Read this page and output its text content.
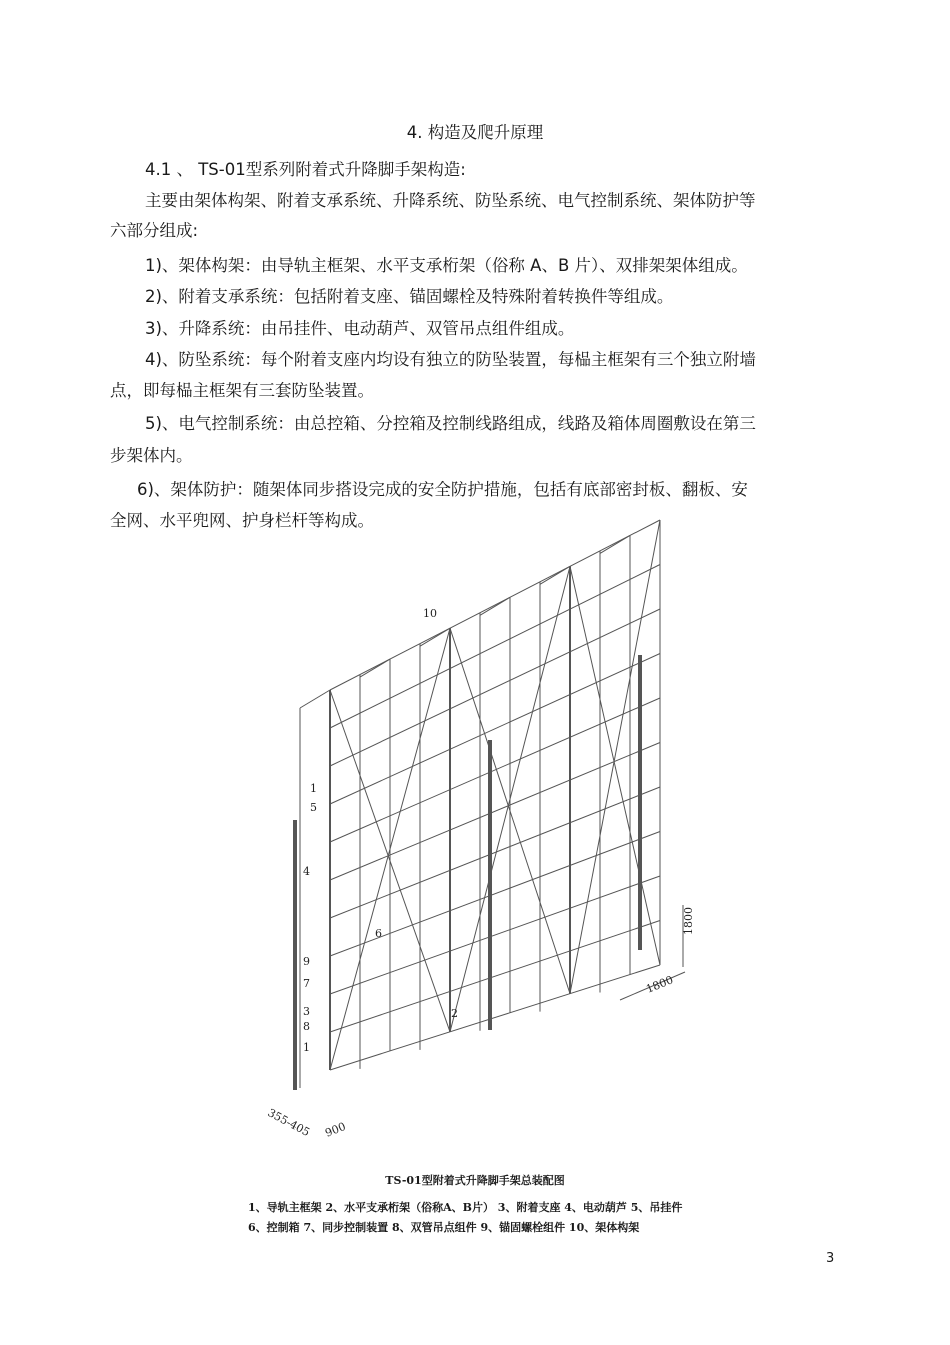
4. 构造及爬升原理
4.1 、 TS-01型系列附着式升降脚手架构造:
主要由架体构架、附着支承系统、升降系统、防坠系统、电气控制系统、架体防护等
六部分组成:
1)、架体构架：由导轨主框架、水平支承桁架（俗称 A、B 片）、双排架架体组成。
2)、附着支承系统：包括附着支座、锚固螺栓及特殊附着转换件等组成。
3)、升降系统：由吊挂件、电动葫芦、双管吊点组件组成。
4)、防坠系统：每个附着支座内均设有独立的防坠装置，每榀主框架有三个独立附墙
点，即每榀主框架有三套防坠装置。
5)、电气控制系统：由总控箱、分控箱及控制线路组成，线路及箱体周圈敷设在第三
步架体内。
6)、架体防护：随架体同步搭设完成的安全防护措施，包括有底部密封板、翻板、安
全网、水平兜网、护身栏杆等构成。
10
1
5
4
6
9
7
3
8
1
2
1800
1800
900
355-405
TS-01型附着式升降脚手架总装配图
1、导轨主框架 2、水平支承桁架（俗称A、B片） 3、附着支座 4、电动葫芦 5、吊挂件
6、控制箱 7、同步控制装置 8、双管吊点组件 9、锚固螺栓组件 10、架体构架
3
